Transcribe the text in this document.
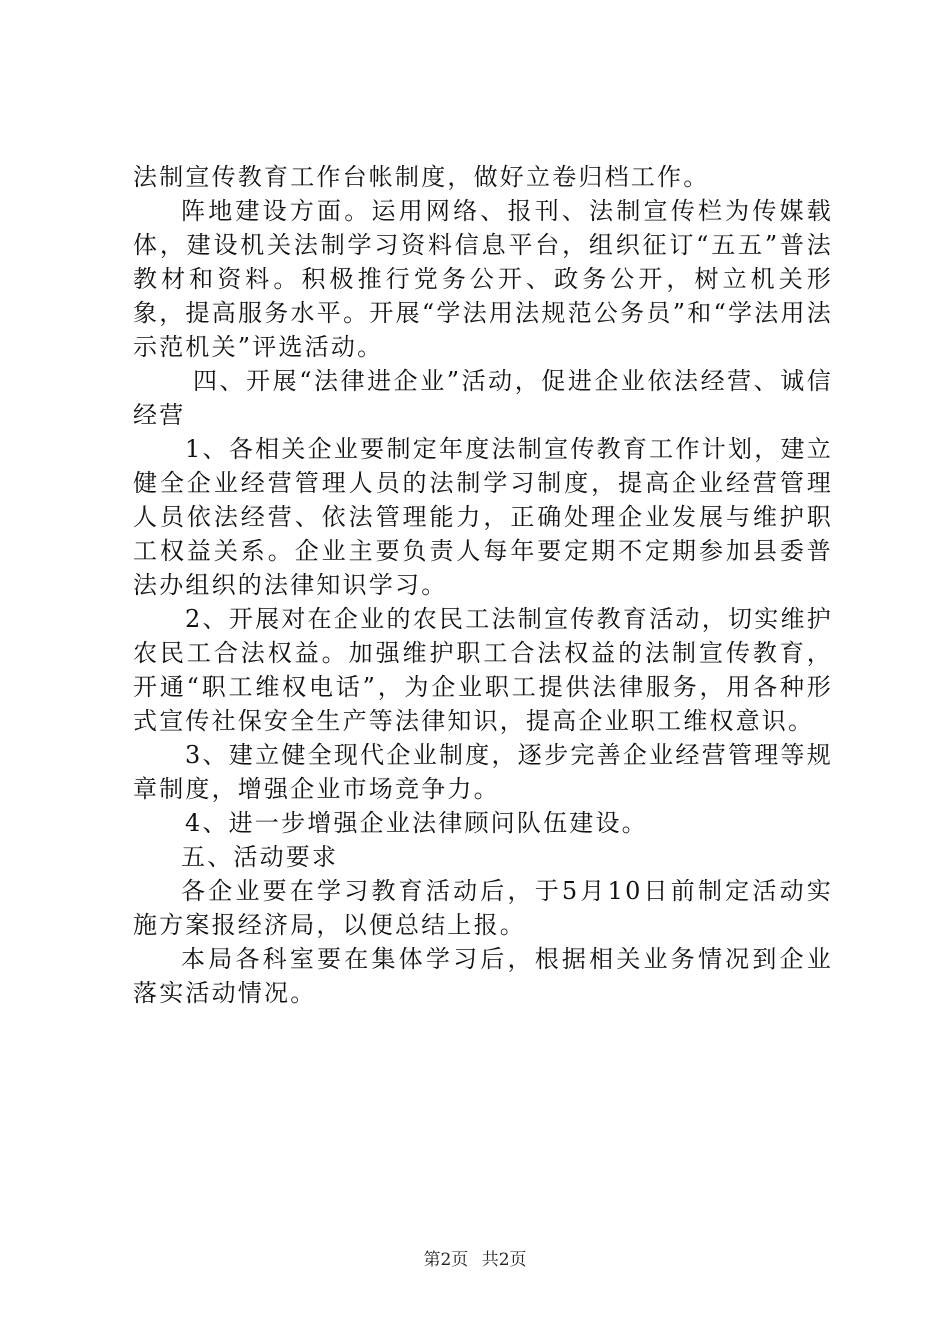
法制宣传教育工作台帐制度，做好立卷归档工作。

阵地建设方面。运用网络、报刊、法制宣传栏为传媒载体，建设机关法制学习资料信息平台，组织征订“五五”普法教材和资料。积极推行党务公开、政务公开，树立机关形象，提高服务水平。开展“学法用法规范公务员”和“学法用法示范机关”评选活动。

四、开展“法律进企业”活动，促进企业依法经营、诚信经营

1、各相关企业要制定年度法制宣传教育工作计划，建立健全企业经营管理人员的法制学习制度，提高企业经营管理人员依法经营、依法管理能力，正确处理企业发展与维护职工权益关系。企业主要负责人每年要定期不定期参加县委普法办组织的法律知识学习。

2、开展对在企业的农民工法制宣传教育活动，切实维护农民工合法权益。加强维护职工合法权益的法制宣传教育，开通“职工维权电话”，为企业职工提供法律服务，用各种形式宣传社保安全生产等法律知识，提高企业职工维权意识。

3、建立健全现代企业制度，逐步完善企业经营管理等规章制度，增强企业市场竞争力。

4、进一步增强企业法律顾问队伍建设。

五、活动要求

各企业要在学习教育活动后，于5月10日前制定活动实施方案报经济局，以便总结上报。

本局各科室要在集体学习后，根据相关业务情况到企业落实活动情况。

第2页 共2页
